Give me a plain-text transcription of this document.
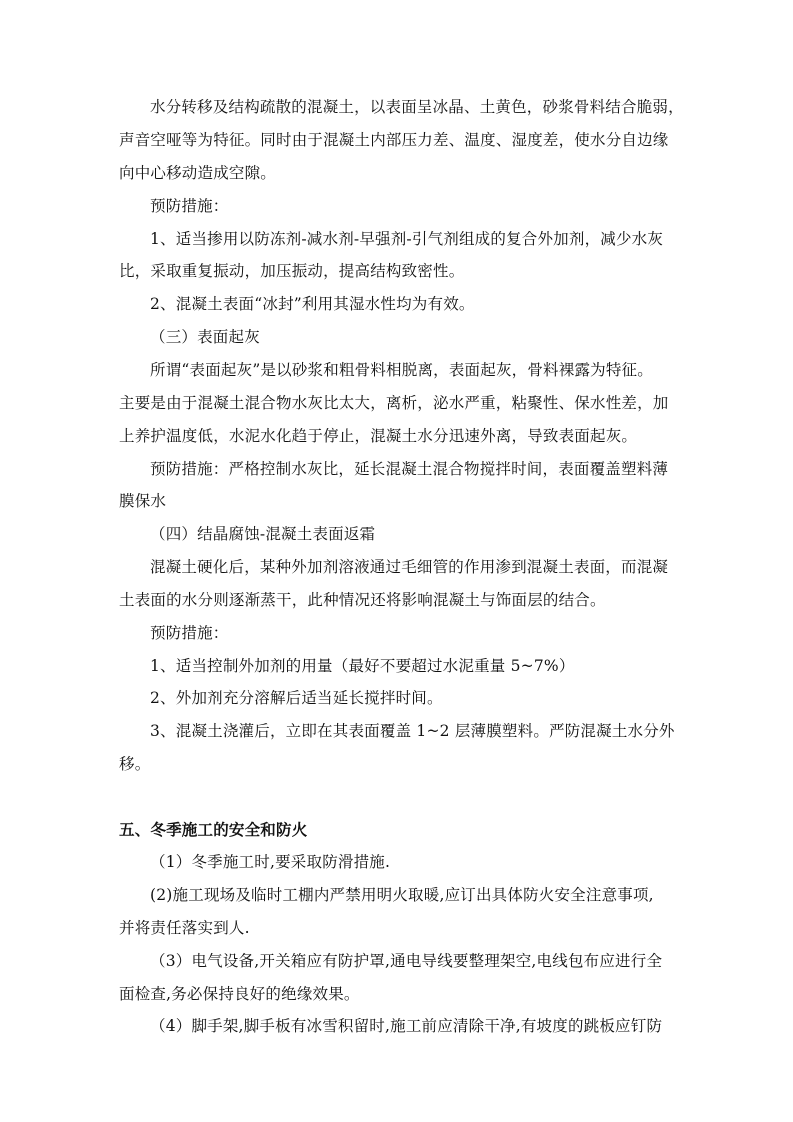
水分转移及结构疏散的混凝土，以表面呈冰晶、土黄色，砂浆骨料结合脆弱，
声音空哑等为特征。同时由于混凝土内部压力差、温度、湿度差，使水分自边缘
向中心移动造成空隙。
预防措施：
1、适当掺用以防冻剂-减水剂-早强剂-引气剂组成的复合外加剂，减少水灰
比，采取重复振动，加压振动，提高结构致密性。
2、混凝土表面“冰封”利用其湿水性均为有效。
（三）表面起灰
所谓“表面起灰”是以砂浆和粗骨料相脱离，表面起灰，骨料裸露为特征。
主要是由于混凝土混合物水灰比太大，离析，泌水严重，粘聚性、保水性差，加
上养护温度低，水泥水化趋于停止，混凝土水分迅速外离，导致表面起灰。
预防措施：严格控制水灰比，延长混凝土混合物搅拌时间，表面覆盖塑料薄
膜保水
（四）结晶腐蚀-混凝土表面返霜
混凝土硬化后，某种外加剂溶液通过毛细管的作用渗到混凝土表面，而混凝
土表面的水分则逐渐蒸干，此种情况还将影响混凝土与饰面层的结合。
预防措施：
1、适当控制外加剂的用量（最好不要超过水泥重量 5~7%）
2、外加剂充分溶解后适当延长搅拌时间。
3、混凝土浇灌后，立即在其表面覆盖 1~2 层薄膜塑料。严防混凝土水分外
移。
五、冬季施工的安全和防火
（1）冬季施工时,要采取防滑措施.
(2)施工现场及临时工棚内严禁用明火取暖,应订出具体防火安全注意事项,
并将责任落实到人.
（3）电气设备,开关箱应有防护罩,通电导线要整理架空,电线包布应进行全
面检查,务必保持良好的绝缘效果。
（4）脚手架,脚手板有冰雪积留时,施工前应清除干净,有坡度的跳板应钉防
